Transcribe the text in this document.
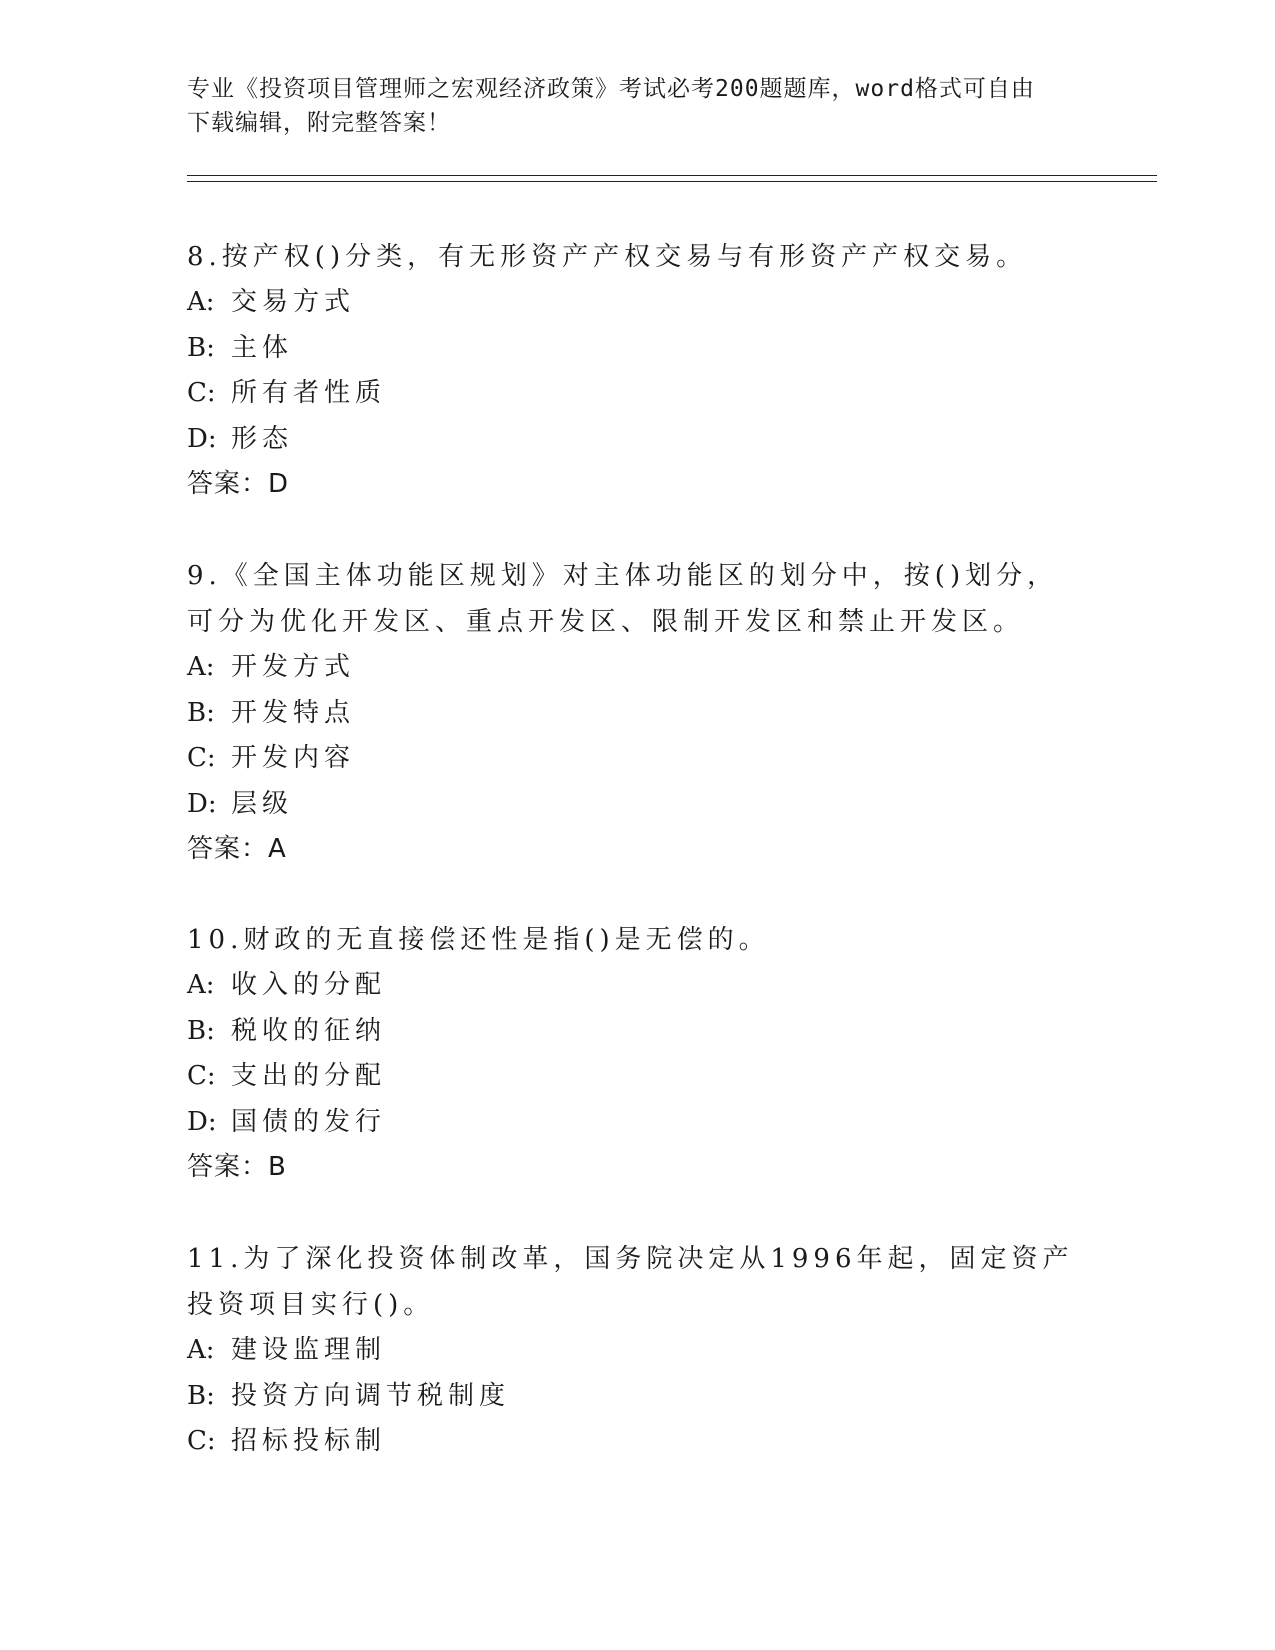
专业《投资项目管理师之宏观经济政策》考试必考200题题库，word格式可自由
下载编辑，附完整答案！

8.按产权()分类，有无形资产产权交易与有形资产产权交易。

A: 交易方式

B: 主体

C: 所有者性质

D: 形态

答案：D

9.《全国主体功能区规划》对主体功能区的划分中，按()划分，可分为优化开发区、重点开发区、限制开发区和禁止开发区。

A: 开发方式

B: 开发特点

C: 开发内容

D: 层级

答案：A

10.财政的无直接偿还性是指()是无偿的。

A: 收入的分配

B: 税收的征纳

C: 支出的分配

D: 国债的发行

答案：B

11.为了深化投资体制改革，国务院决定从1996年起，固定资产投资项目实行()。

A: 建设监理制

B: 投资方向调节税制度

C: 招标投标制
